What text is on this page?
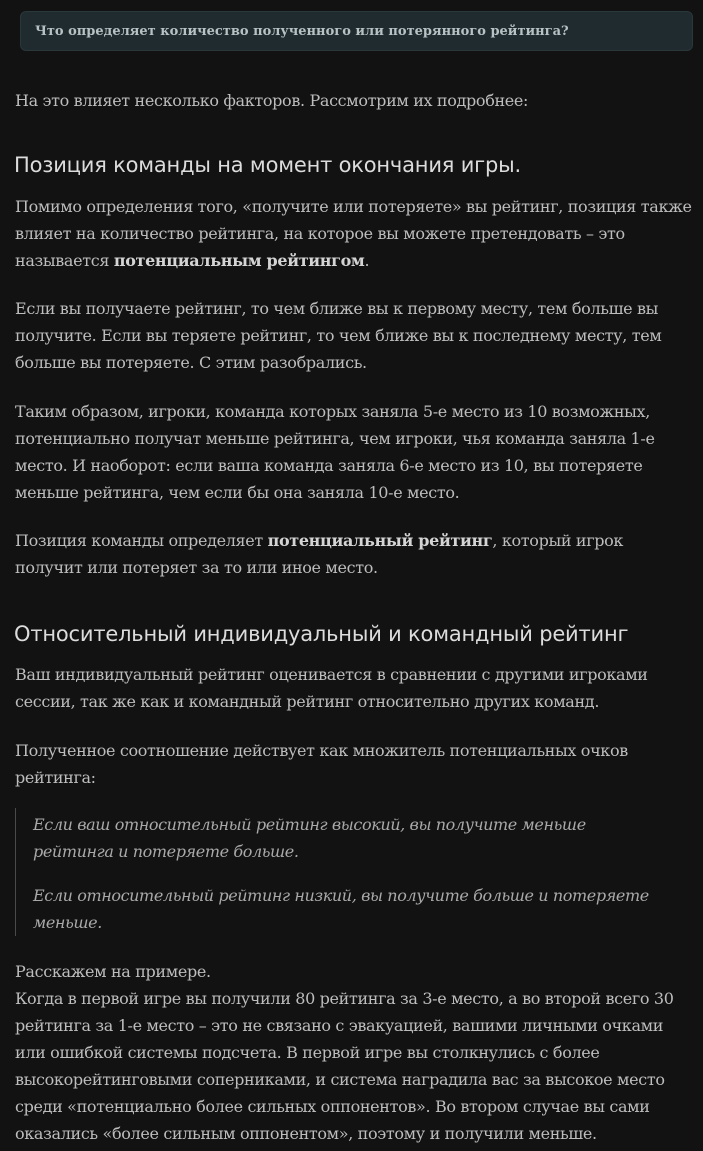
Что определяет количество полученного или потерянного рейтинга?

На это влияет несколько факторов. Рассмотрим их подробнее:

Позиция команды на момент окончания игры.

Помимо определения того, «получите или потеряете» вы рейтинг, позиция также влияет на количество рейтинга, на которое вы можете претендовать – это называется потенциальным рейтингом.

Если вы получаете рейтинг, то чем ближе вы к первому месту, тем больше вы получите. Если вы теряете рейтинг, то чем ближе вы к последнему месту, тем больше вы потеряете. С этим разобрались.

Таким образом, игроки, команда которых заняла 5-е место из 10 возможных, потенциально получат меньше рейтинга, чем игроки, чья команда заняла 1-е место. И наоборот: если ваша команда заняла 6-е место из 10, вы потеряете меньше рейтинга, чем если бы она заняла 10-е место.

Позиция команды определяет потенциальный рейтинг, который игрок получит или потеряет за то или иное место.

Относительный индивидуальный и командный рейтинг

Ваш индивидуальный рейтинг оценивается в сравнении с другими игроками сессии, так же как и командный рейтинг относительно других команд.

Полученное соотношение действует как множитель потенциальных очков рейтинга:

Если ваш относительный рейтинг высокий, вы получите меньше рейтинга и потеряете больше.

Если относительный рейтинг низкий, вы получите больше и потеряете меньше.

Расскажем на примере.
Когда в первой игре вы получили 80 рейтинга за 3-е место, а во второй всего 30 рейтинга за 1-е место – это не связано с эвакуацией, вашими личными очками или ошибкой системы подсчета. В первой игре вы столкнулись с более высокорейтинговыми соперниками, и система наградила вас за высокое место среди «потенциально более сильных оппонентов». Во втором случае вы сами оказались «более сильным оппонентом», поэтому и получили меньше.
